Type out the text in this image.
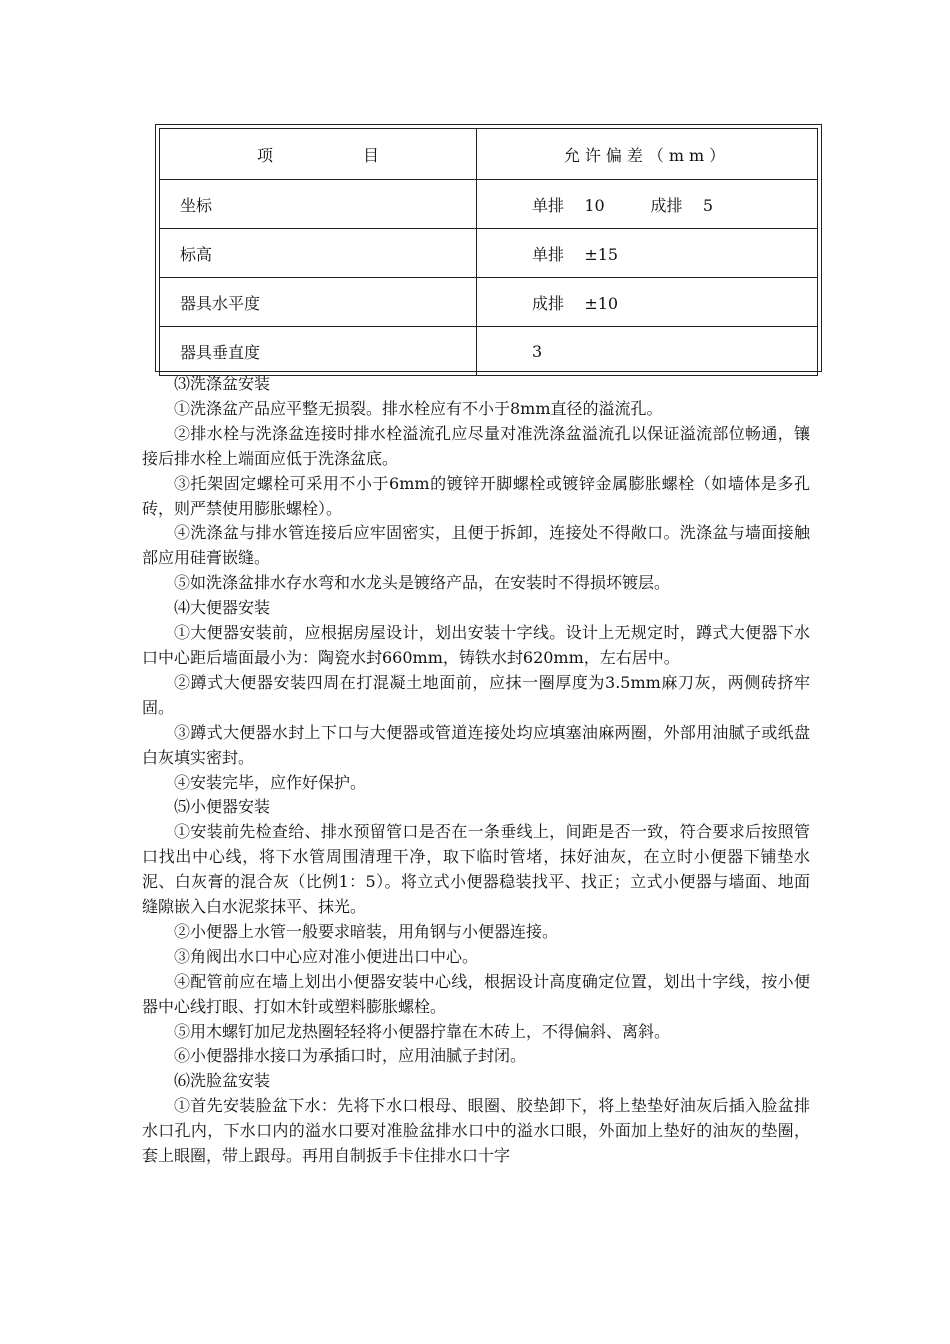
项 目	允许偏差（mm）
坐标	单排    10         成排    5
标高	单排    ±15
器具水平度	成排    ±10
器具垂直度	3

⑶洗涤盆安装

①洗涤盆产品应平整无损裂。排水栓应有不小于8mm直径的溢流孔。

②排水栓与洗涤盆连接时排水栓溢流孔应尽量对准洗涤盆溢流孔以保证溢流部位畅通，镶接后排水栓上端面应低于洗涤盆底。

③托架固定螺栓可采用不小于6mm的镀锌开脚螺栓或镀锌金属膨胀螺栓（如墙体是多孔砖，则严禁使用膨胀螺栓）。

④洗涤盆与排水管连接后应牢固密实，且便于拆卸，连接处不得敞口。洗涤盆与墙面接触部应用硅膏嵌缝。

⑤如洗涤盆排水存水弯和水龙头是镀络产品，在安装时不得损坏镀层。

⑷大便器安装

①大便器安装前，应根据房屋设计，划出安装十字线。设计上无规定时，蹲式大便器下水口中心距后墙面最小为：陶瓷水封660mm，铸铁水封620mm，左右居中。

②蹲式大便器安装四周在打混凝土地面前，应抹一圈厚度为3.5mm麻刀灰，两侧砖挤牢固。

③蹲式大便器水封上下口与大便器或管道连接处均应填塞油麻两圈，外部用油腻子或纸盘白灰填实密封。

④安装完毕，应作好保护。

⑸小便器安装

①安装前先检查给、排水预留管口是否在一条垂线上，间距是否一致，符合要求后按照管口找出中心线，将下水管周围清理干净，取下临时管堵，抹好油灰，在立时小便器下铺垫水泥、白灰膏的混合灰（比例1：5）。将立式小便器稳装找平、找正；立式小便器与墙面、地面缝隙嵌入白水泥浆抹平、抹光。

②小便器上水管一般要求暗装，用角钢与小便器连接。

③角阀出水口中心应对准小便进出口中心。

④配管前应在墙上划出小便器安装中心线，根据设计高度确定位置，划出十字线，按小便器中心线打眼、打如木针或塑料膨胀螺栓。

⑤用木螺钉加尼龙热圈轻轻将小便器拧靠在木砖上，不得偏斜、离斜。

⑥小便器排水接口为承插口时，应用油腻子封闭。

⑹洗脸盆安装

①首先安装脸盆下水：先将下水口根母、眼圈、胶垫卸下，将上垫垫好油灰后插入脸盆排水口孔内，下水口内的溢水口要对准脸盆排水口中的溢水口眼，外面加上垫好的油灰的垫圈，套上眼圈，带上跟母。再用自制扳手卡住排水口十字
